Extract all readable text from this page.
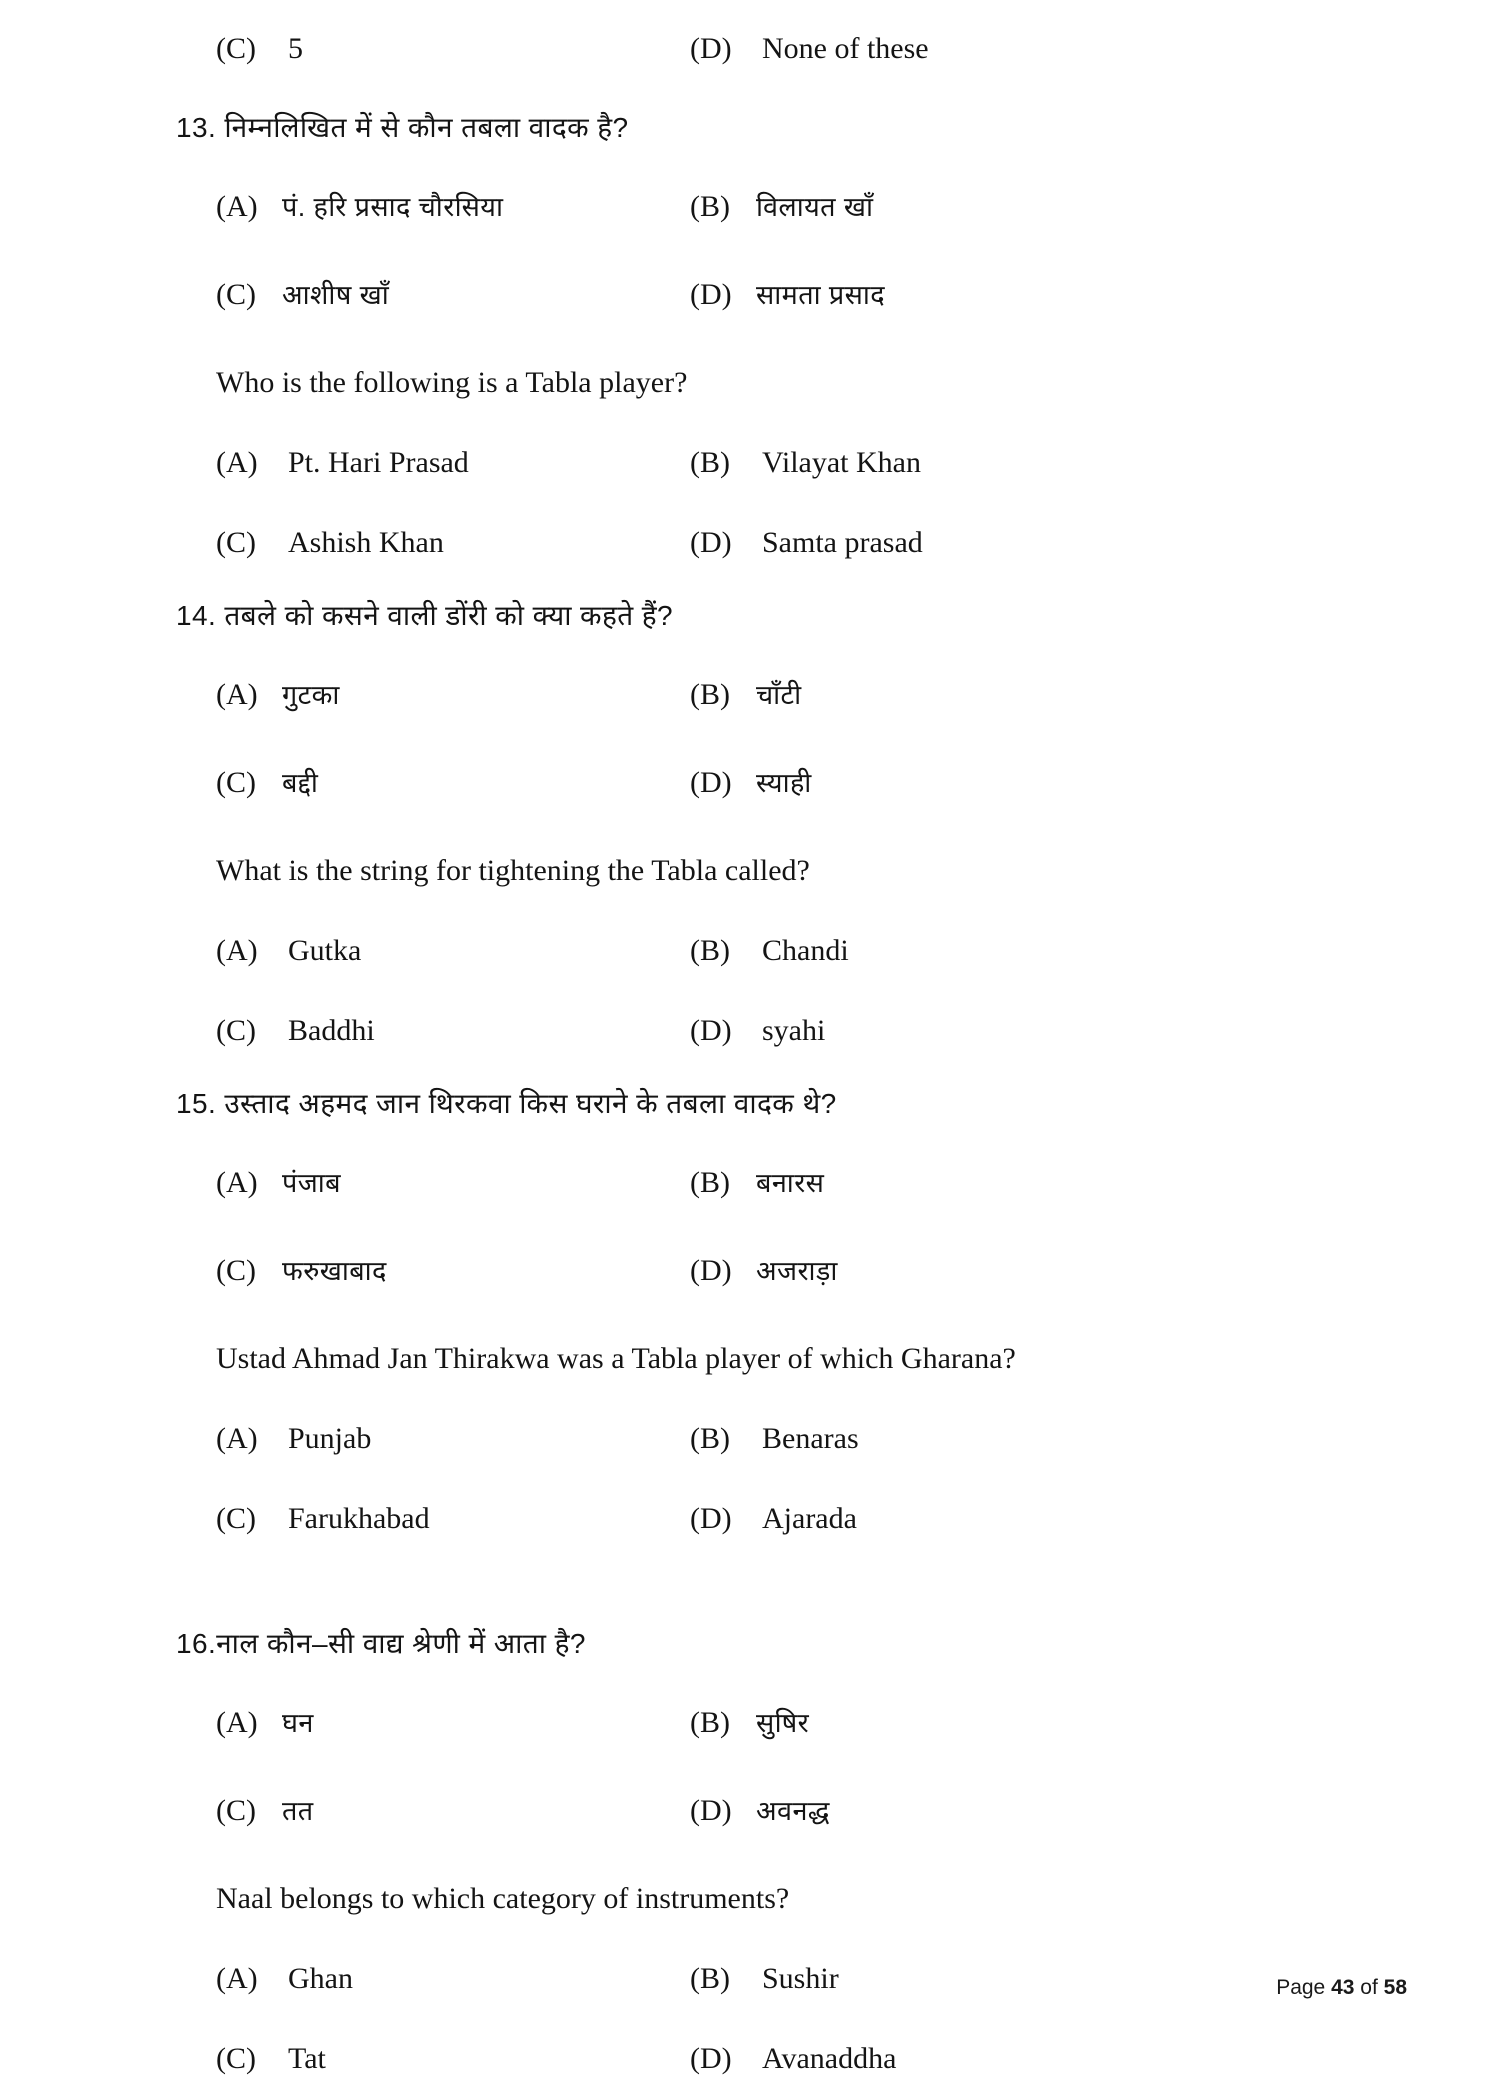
(C)	5	(D)	None of these
13. निम्नलिखित में से कौन तबला वादक है?
(A) पं. हरि प्रसाद चौरसिया	(B) विलायत खाँ
(C) आशीष खाँ	(D) सामता प्रसाद
Who is the following is a Tabla player?
(A)	Pt. Hari Prasad	(B)	Vilayat Khan
(C)	Ashish Khan	(D)	Samta prasad
14. तबले को कसने वाली डोंरी को क्या कहते हैं?
(A) गुटका	(B) चाँटी
(C) बद्दी	(D) स्याही
What is the string for tightening the Tabla called?
(A)	Gutka	(B)	Chandi
(C)	Baddhi	(D)	syahi
15. उस्ताद अहमद जान थिरकवा किस घराने के तबला वादक थे?
(A) पंजाब	(B) बनारस
(C) फरुखाबाद	(D) अजराड़ा
Ustad Ahmad Jan Thirakwa was a Tabla player of which Gharana?
(A)	Punjab	(B)	Benaras
(C)	Farukhabad	(D)	Ajarada
16.नाल कौन–सी वाद्य श्रेणी में आता है?
(A) घन	(B) सुषिर
(C) तत	(D) अवनद्ध
Naal belongs to which category of instruments?
(A)	Ghan	(B)	Sushir
(C)	Tat	(D)	Avanaddha
Page 43 of 58
